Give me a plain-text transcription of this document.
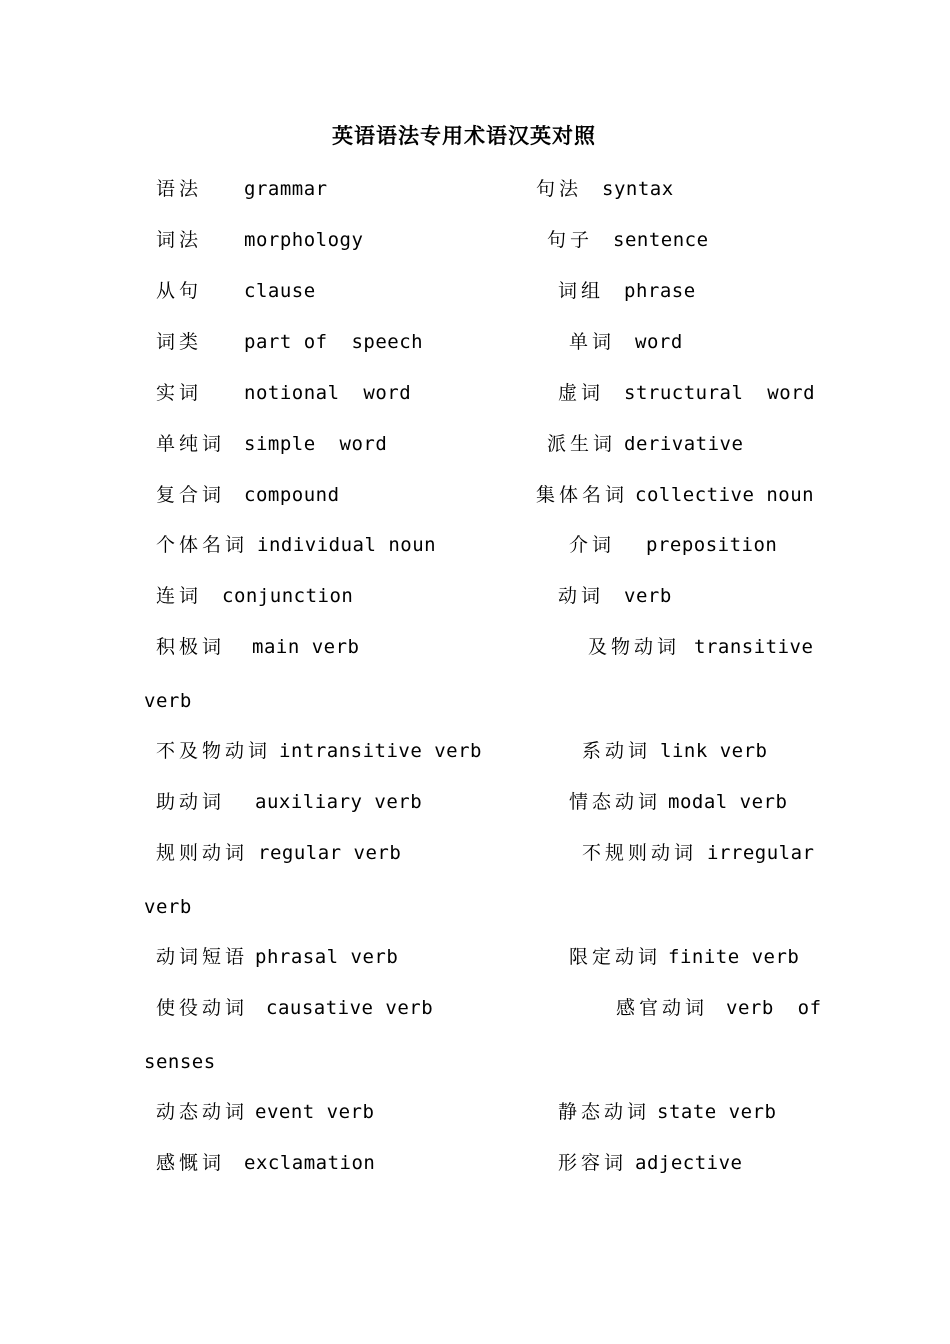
英语语法专用术语汉英对照
语法 grammar	句法 syntax
词法 morphology	句子 sentence
从句 clause	词组 phrase
词类 part of  speech	单词 word
实词 notional  word	虚词 structural  word
单纯词 simple  word	派生词 derivative
复合词 compound	集体名词 collective noun
个体名词 individual noun	介词 preposition
连词 conjunction	动词 verb
积极词 main verb	及物动词 transitive
verb
不及物动词 intransitive verb	系动词 link verb
助动词 auxiliary verb	情态动词 modal verb
规则动词 regular verb	不规则动词 irregular
verb
动词短语 phrasal verb	限定动词 finite verb
使役动词 causative verb	感官动词 verb  of
senses
动态动词 event verb	静态动词 state verb
感慨词 exclamation	形容词 adjective
